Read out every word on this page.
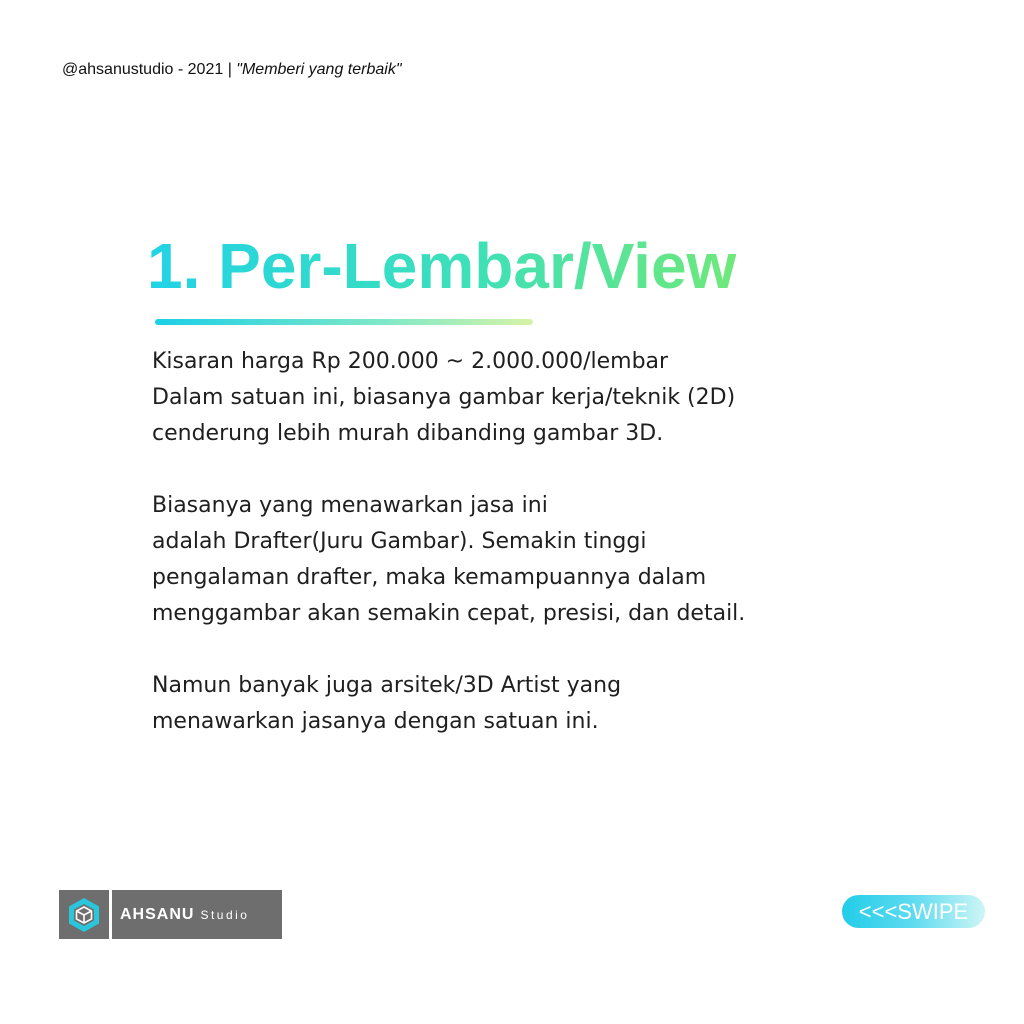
@ahsanustudio - 2021 | "Memberi yang terbaik"
1. Per-Lembar/View

Kisaran harga Rp 200.000 ~ 2.000.000/lembar
Dalam satuan ini, biasanya gambar kerja/teknik (2D)
cenderung lebih murah dibanding gambar 3D.

Biasanya yang menawarkan jasa ini
adalah Drafter(Juru Gambar). Semakin tinggi
pengalaman drafter, maka kemampuannya dalam
menggambar akan semakin cepat, presisi, dan detail.

Namun banyak juga arsitek/3D Artist yang
menawarkan jasanya dengan satuan ini.

AHSANU Studio	<<<SWIPE
